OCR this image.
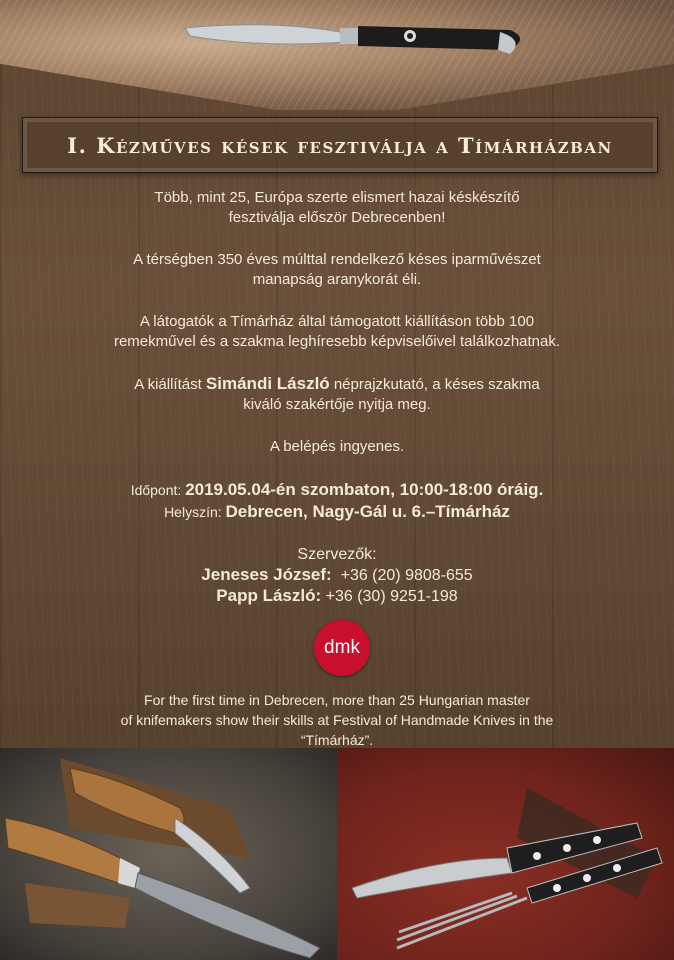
I. Kézműves kések fesztiválja a Tímárházban
Több, mint 25, Európa szerte elismert hazai késkészítő
fesztiválja először Debrecenben!
A térségben 350 éves múlttal rendelkező késes iparművészet
manapság aranykorát éli.
A látogatók a Tímárház által támogatott kiállításon több 100
remekművel és a szakma leghíresebb képviselőivel találkozhatnak.
A kiállítást Simándi László néprajzkutató, a késes szakma
kiváló szakértője nyitja meg.
A belépés ingyenes.
Időpont: 2019.05.04-én szombaton, 10:00-18:00 óráig.
Helyszín: Debrecen, Nagy-Gál u. 6.–Tímárház
Szervezők:
Jeneses József:  +36 (20) 9808-655
Papp László: +36 (30) 9251-198
dmk
For the first time in Debrecen, more than 25 Hungarian master
of knifemakers show their skills at Festival of Handmade Knives in the
“Tímárház”.
